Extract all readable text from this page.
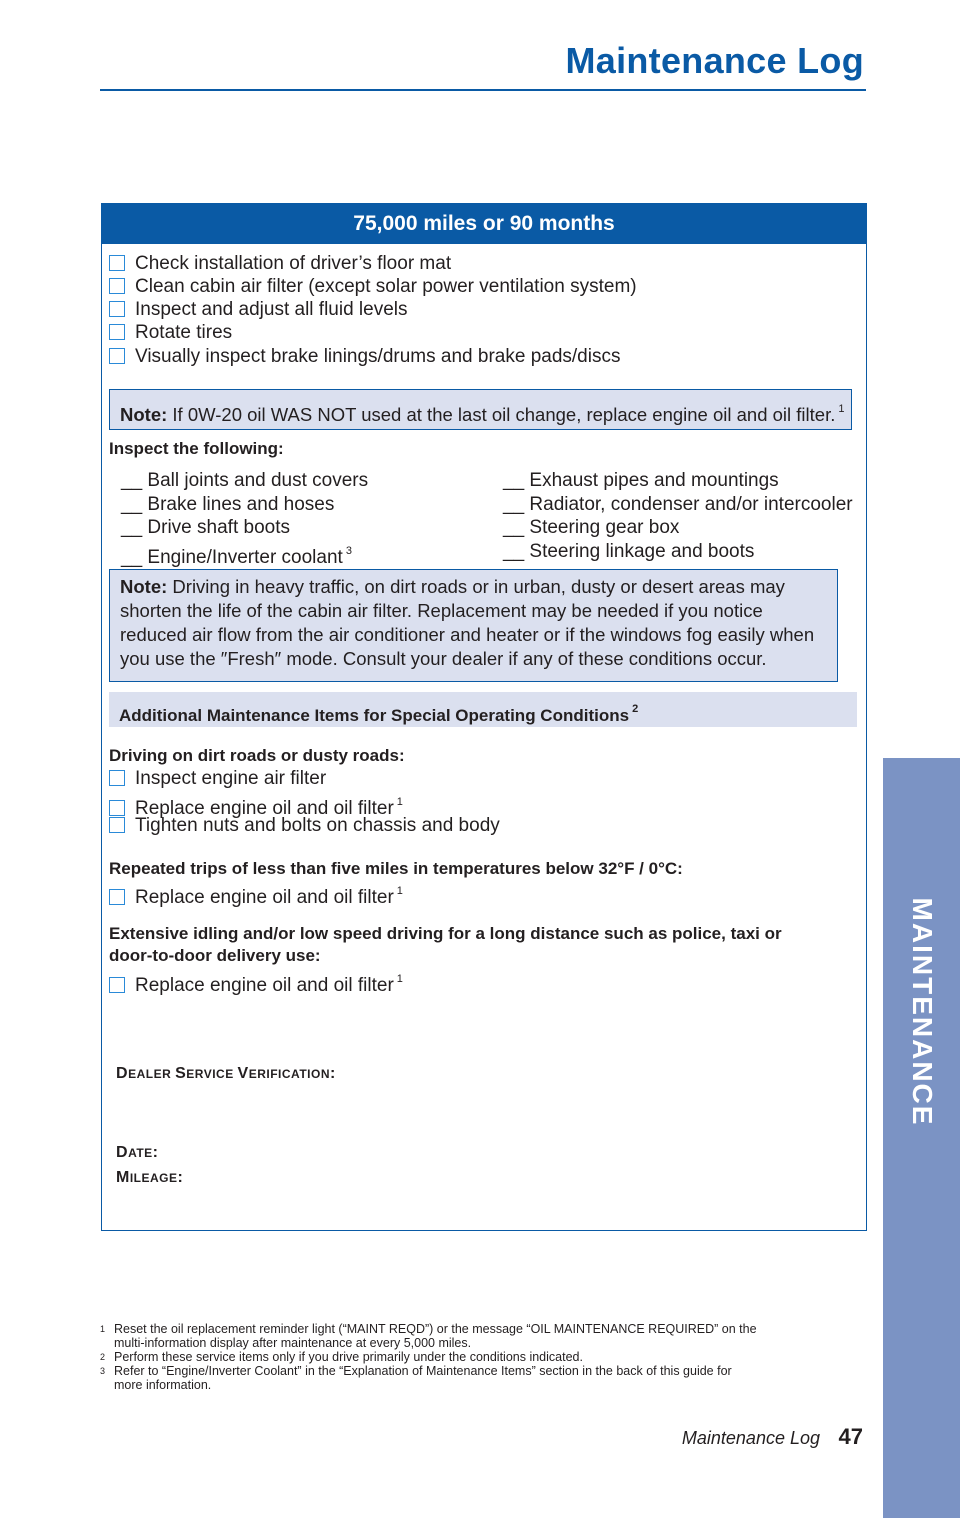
Maintenance Log
MAINTENANCE
75,000 miles or 90 months
Check installation of driver’s floor mat
Clean cabin air filter (except solar power ventilation system)
Inspect and adjust all fluid levels
Rotate tires
Visually inspect brake linings/drums and brake pads/discs
Note: If 0W-20 oil WAS NOT used at the last oil change, replace engine oil and oil filter. $^1$
Inspect the following:
__ Ball joints and dust covers
__ Brake lines and hoses
__ Drive shaft boots
__ Engine/Inverter coolant $^3$
__ Exhaust pipes and mountings
__ Radiator, condenser and/or intercooler
__ Steering gear box
__ Steering linkage and boots
Note: Driving in heavy traffic, on dirt roads or in urban, dusty or desert areas may shorten the life of the cabin air filter. Replacement may be needed if you notice reduced air flow from the air conditioner and heater or if the windows fog easily when you use the ″Fresh″ mode. Consult your dealer if any of these conditions occur.
Additional Maintenance Items for Special Operating Conditions $^2$
Driving on dirt roads or dusty roads:
Inspect engine air filter
Replace engine oil and oil filter $^1$
Tighten nuts and bolts on chassis and body
Repeated trips of less than five miles in temperatures below 32°F / 0°C:
Replace engine oil and oil filter $^1$
Extensive idling and/or low speed driving for a long distance such as police, taxi or
door-to-door delivery use:
Replace engine oil and oil filter $^1$
DEALER SERVICE VERIFICATION:
DATE:
MILEAGE:
1 Reset the oil replacement reminder light (“MAINT REQD”) or the message “OIL MAINTENANCE REQUIRED” on the
multi-information display after maintenance at every 5,000 miles.
2 Perform these service items only if you drive primarily under the conditions indicated.
3 Refer to “Engine/Inverter Coolant” in the “Explanation of Maintenance Items” section in the back of this guide for
more information.
Maintenance Log 47
